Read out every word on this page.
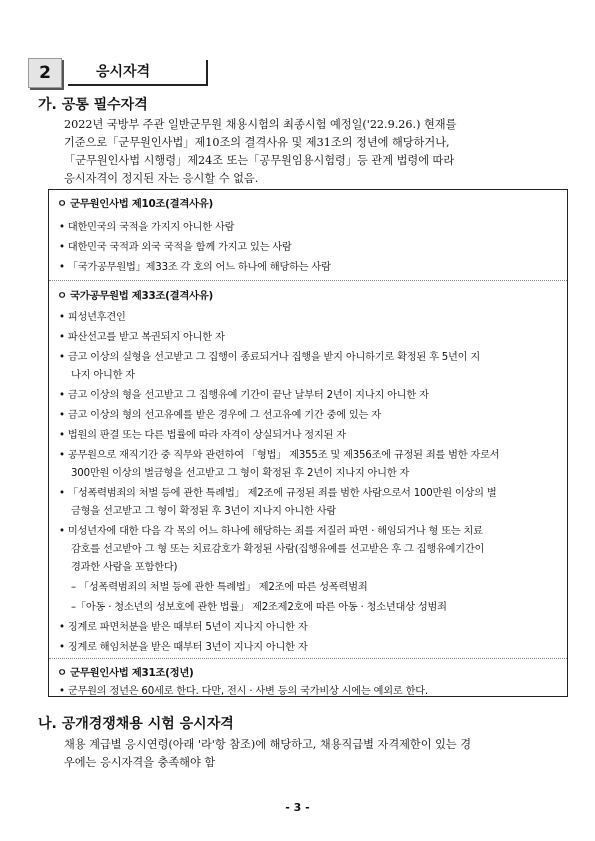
2	응시자격
가. 공통 필수자격
2022년 국방부 주관 일반군무원 채용시험의 최종시험 예정일('22.9.26.) 현재를
기준으로「군무원인사법」제10조의 결격사유 및 제31조의 정년에 해당하거나,
「군무원인사법 시행령」제24조 또는「공무원임용시험령」등 관계 법령에 따라
응시자격이 정지된 자는 응시할 수 없음.
ㅇ 군무원인사법 제10조(결격사유)
• 대한민국의 국적을 가지지 아니한 사람
• 대한민국 국적과 외국 국적을 함께 가지고 있는 사람
• 「국가공무원법」제33조 각 호의 어느 하나에 해당하는 사람
ㅇ 국가공무원법 제33조(결격사유)
• 피성년후견인
• 파산선고를 받고 복권되지 아니한 자
• 금고 이상의 실형을 선고받고 그 집행이 종료되거나 집행을 받지 아니하기로 확정된 후 5년이 지
나지 아니한 자
• 금고 이상의 형을 선고받고 그 집행유예 기간이 끝난 날부터 2년이 지나지 아니한 자
• 금고 이상의 형의 선고유예를 받은 경우에 그 선고유예 기간 중에 있는 자
• 법원의 판결 또는 다른 법률에 따라 자격이 상실되거나 정지된 자
• 공무원으로 재직기간 중 직무와 관련하여 「형법」 제355조 및 제356조에 규정된 죄를 범한 자로서
300만원 이상의 벌금형을 선고받고 그 형이 확정된 후 2년이 지나지 아니한 자
• 「성폭력범죄의 처벌 등에 관한 특례법」 제2조에 규정된 죄를 범한 사람으로서 100만원 이상의 벌
금형을 선고받고 그 형이 확정된 후 3년이 지나지 아니한 사람
• 미성년자에 대한 다음 각 목의 어느 하나에 해당하는 죄를 저질러 파면 · 해임되거나 형 또는 치료
감호를 선고받아 그 형 또는 치료감호가 확정된 사람(집행유예를 선고받은 후 그 집행유예기간이
경과한 사람을 포함한다)
– 「성폭력범죄의 처벌 등에 관한 특례법」 제2조에 따른 성폭력범죄
–「아동 · 청소년의 성보호에 관한 법률」 제2조제2호에 따른 아동 · 청소년대상 성범죄
• 징계로 파면처분을 받은 때부터 5년이 지나지 아니한 자
• 징계로 해임처분을 받은 때부터 3년이 지나지 아니한 자
ㅇ 군무원인사법 제31조(정년)
• 군무원의 정년은 60세로 한다. 다만, 전시 · 사변 등의 국가비상 시에는 예외로 한다.
나. 공개경쟁채용 시험 응시자격
채용 계급별 응시연령(아래 '라'항 참조)에 해당하고, 채용직급별 자격제한이 있는 경
우에는 응시자격을 충족해야 함
- 3 -
